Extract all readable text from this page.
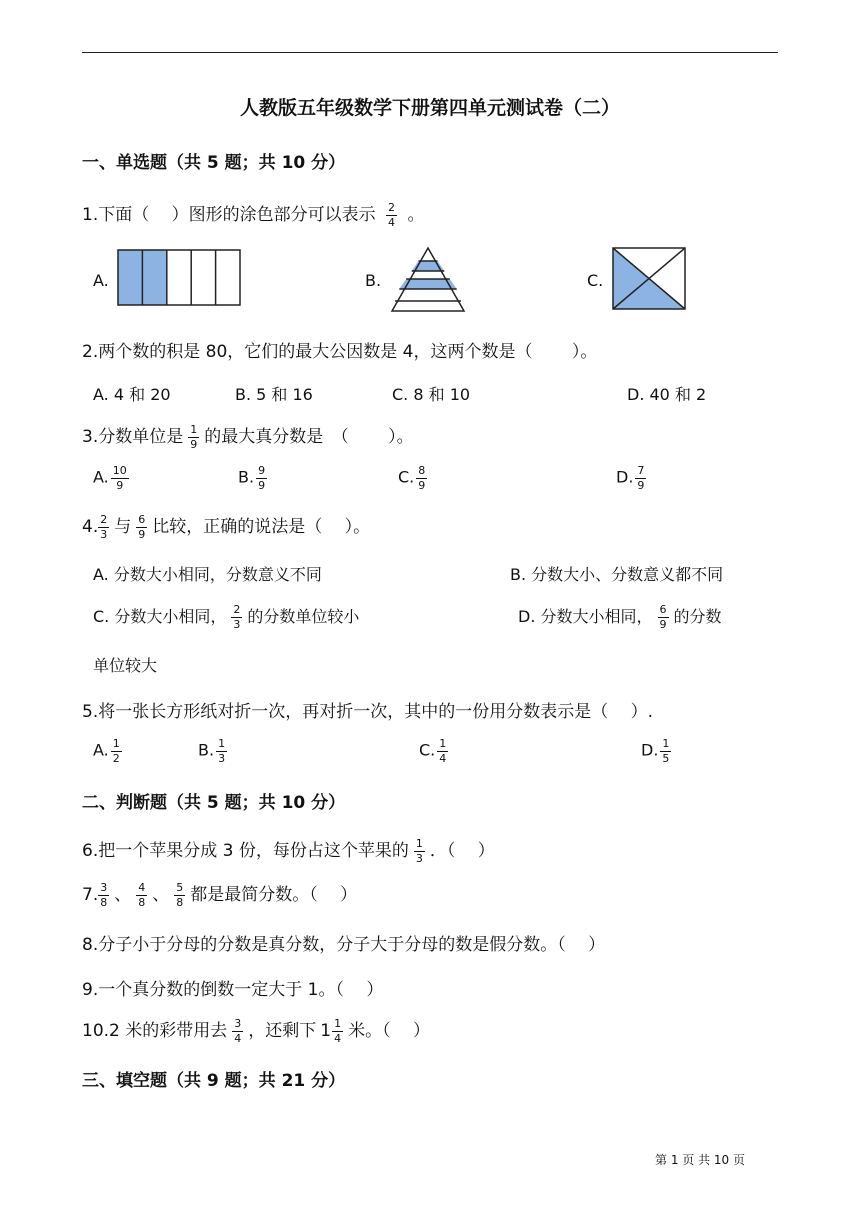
人教版五年级数学下册第四单元测试卷（二）
一、单选题（共 5 题；共 10 分）
1.下面（　 ）图形的涂色部分可以表示 $\frac{2}{4}$ 。
A.	B.	C.
2.两个数的积是 80，它们的最大公因数是 4，这两个数是（　　 ）。
A. 4 和 20	B. 5 和 16	C. 8 和 10	D. 40 和 2
3.分数单位是 $\frac{1}{9}$ 的最大真分数是　（　　 ）。
A. $\frac{10}{9}$	B. $\frac{9}{9}$	C. $\frac{8}{9}$	D. $\frac{7}{9}$
4. $\frac{2}{3}$ 与 $\frac{6}{9}$ 比较，正确的说法是（　 ）。
A. 分数大小相同，分数意义不同	B. 分数大小、分数意义都不同
C. 分数大小相同， $\frac{2}{3}$ 的分数单位较小	D. 分数大小相同， $\frac{6}{9}$ 的分数
单位较大
5.将一张长方形纸对折一次，再对折一次，其中的一份用分数表示是（　 ）.
A. $\frac{1}{2}$	B. $\frac{1}{3}$	C. $\frac{1}{4}$	D. $\frac{1}{5}$
二、判断题（共 5 题；共 10 分）
6.把一个苹果分成 3 份，每份占这个苹果的 $\frac{1}{3}$ ．（　 ）
7. $\frac{3}{8}$ 、 $\frac{4}{8}$ 、 $\frac{5}{8}$ 都是最简分数。（　 ）
8.分子小于分母的分数是真分数，分子大于分母的数是假分数。（　 ）
9.一个真分数的倒数一定大于 1。（　 ）
10.2 米的彩带用去 $\frac{3}{4}$ ，还剩下 $1 \frac{1}{4}$ 米。（　 ）
三、填空题（共 9 题；共 21 分）
第 1 页 共 10 页
